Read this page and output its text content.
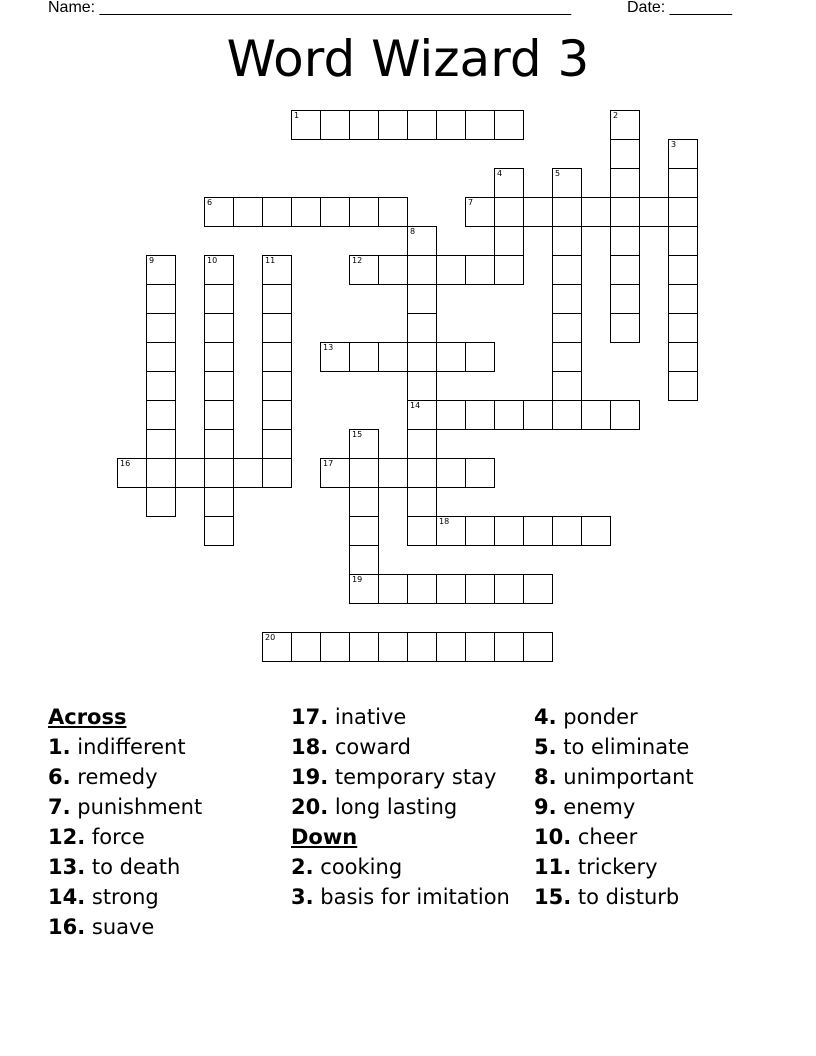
Name: _____________________________________________________	Date: _______
Word Wizard 3
1	2
3
4	5
6	7
8
14
9	10	11	12
13
15
19
16	17
18
20
Across
1. indifferent
6. remedy
7. punishment
12. force
13. to death
14. strong
16. suave
17. inative
18. coward
19. temporary stay
20. long lasting
Down
2. cooking
3. basis for imitation
4. ponder
5. to eliminate
8. unimportant
9. enemy
10. cheer
11. trickery
15. to disturb
